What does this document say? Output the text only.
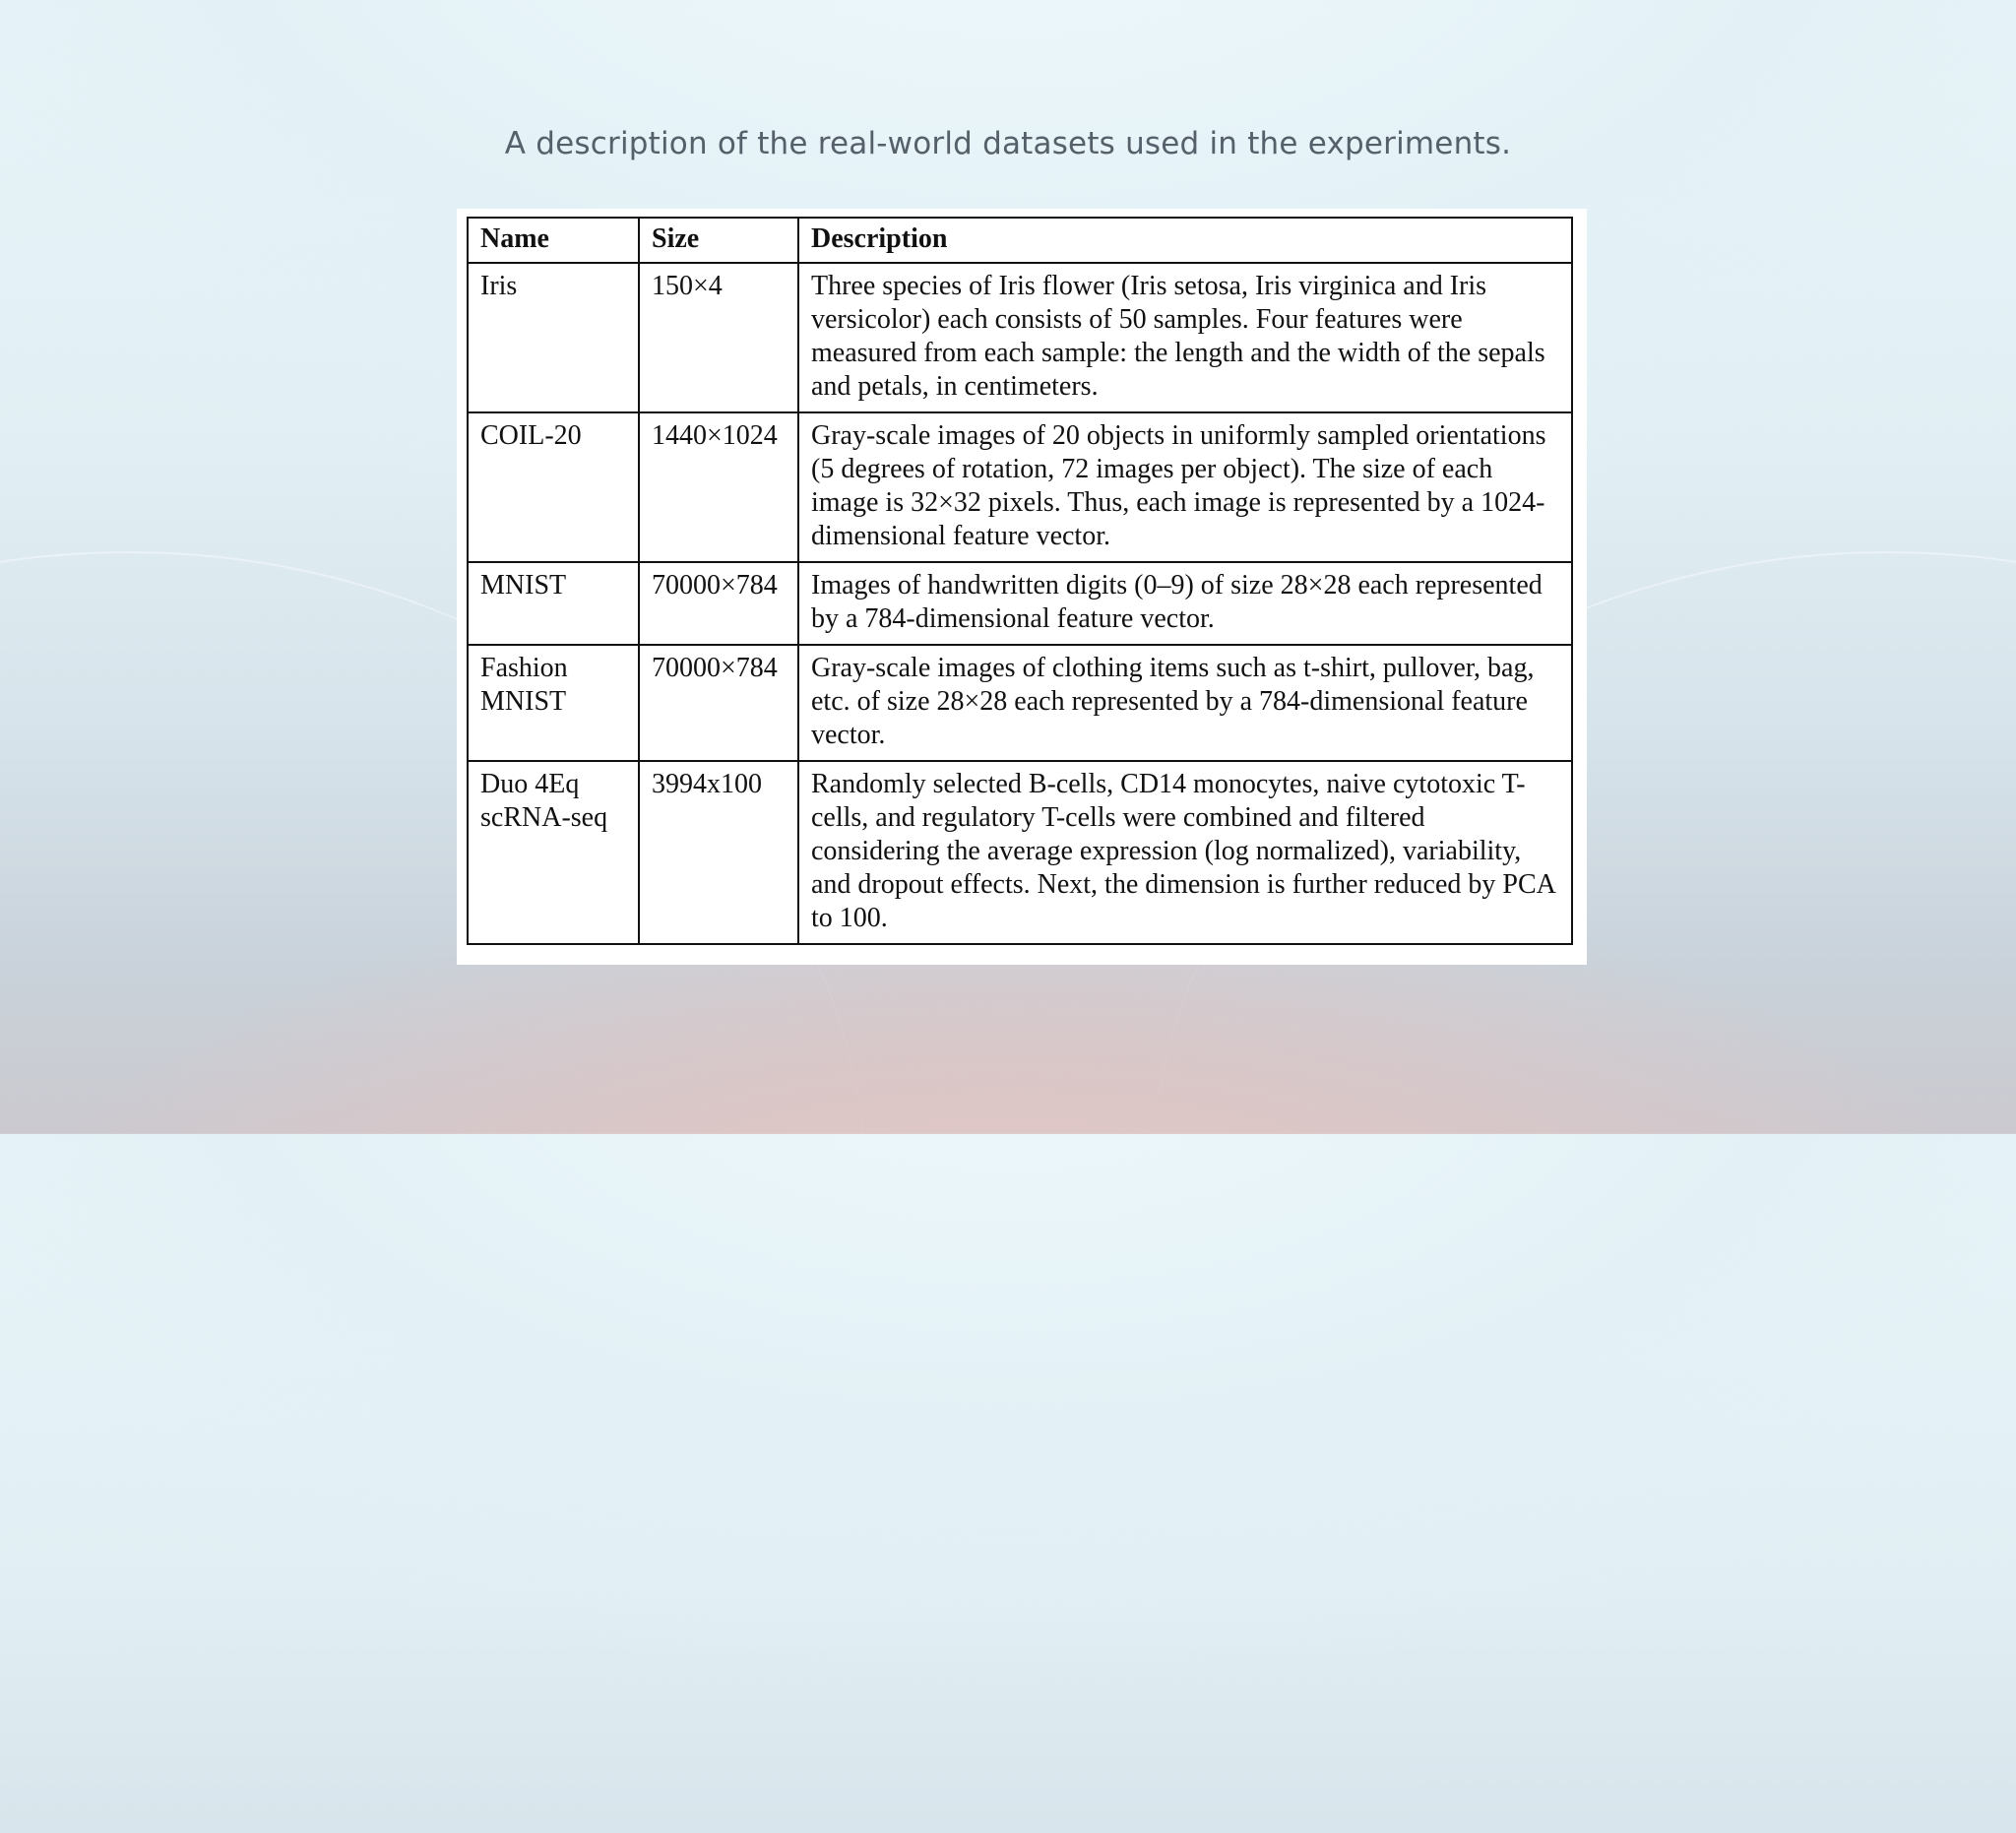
A description of the real-world datasets used in the experiments.
Name	Size	Description
Iris	150×4	Three species of Iris flower (Iris setosa, Iris virginica and Iris versicolor) each consists of 50 samples. Four features were measured from each sample: the length and the width of the sepals and petals, in centimeters.
COIL-20	1440×1024	Gray-scale images of 20 objects in uniformly sampled orientations (5 degrees of rotation, 72 images per object). The size of each image is 32×32 pixels. Thus, each image is represented by a 1024-dimensional feature vector.
MNIST	70000×784	Images of handwritten digits (0–9) of size 28×28 each represented by a 784-dimensional feature vector.
Fashion MNIST	70000×784	Gray-scale images of clothing items such as t-shirt, pullover, bag, etc. of size 28×28 each represented by a 784-dimensional feature vector.
Duo 4Eq scRNA-seq	3994x100	Randomly selected B-cells, CD14 monocytes, naive cytotoxic T-cells, and regulatory T-cells were combined and filtered considering the average expression (log normalized), variability, and dropout effects. Next, the dimension is further reduced by PCA to 100.
